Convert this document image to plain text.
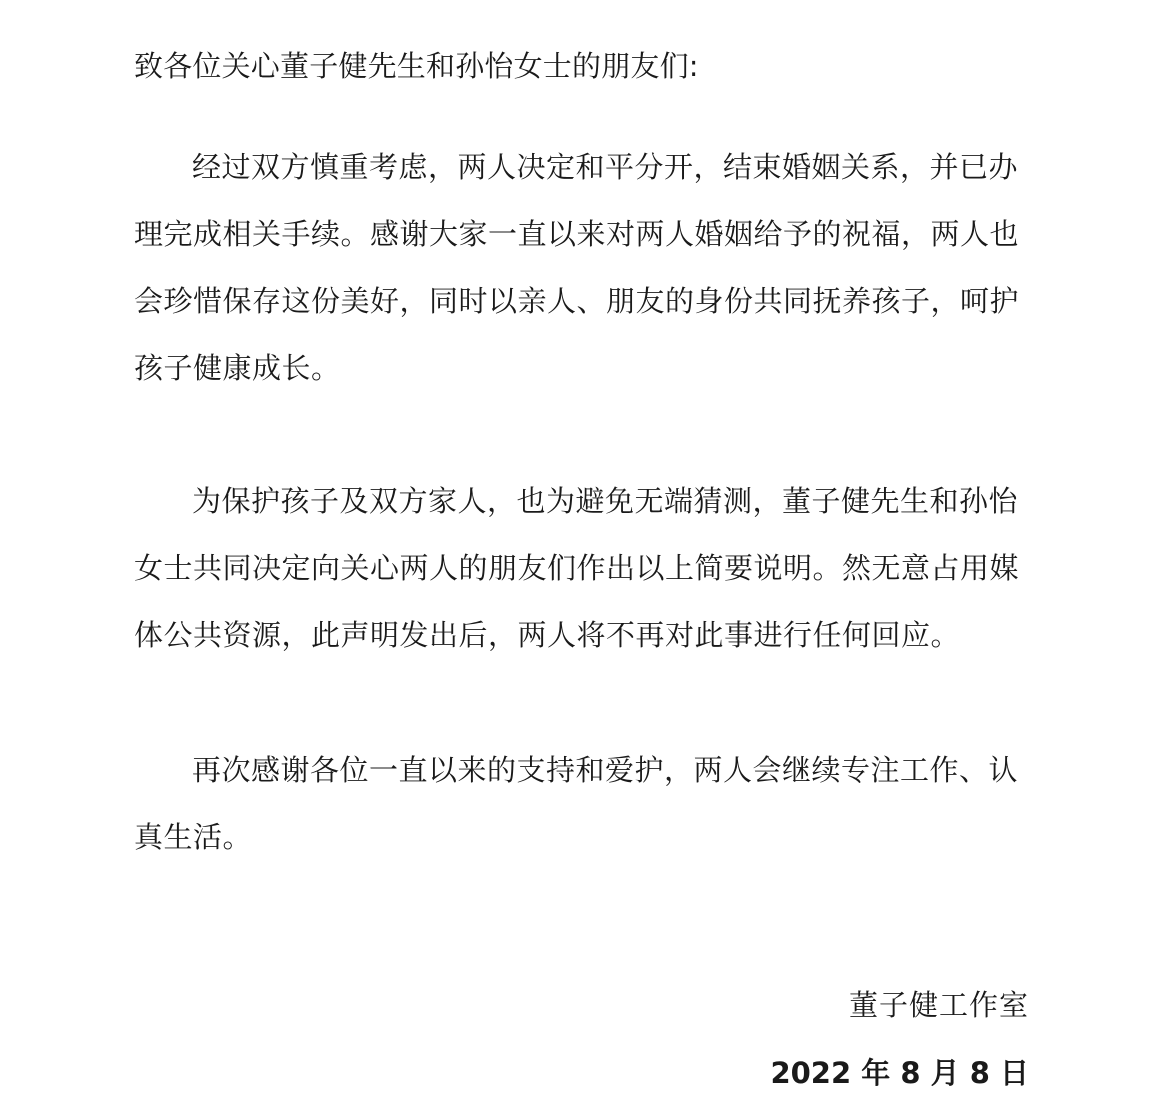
致各位关心董子健先生和孙怡女士的朋友们:
经过双方慎重考虑，两人决定和平分开，结束婚姻关系，并已办
理完成相关手续。感谢大家一直以来对两人婚姻给予的祝福，两人也
会珍惜保存这份美好，同时以亲人、朋友的身份共同抚养孩子，呵护
孩子健康成长。
为保护孩子及双方家人，也为避免无端猜测，董子健先生和孙怡
女士共同决定向关心两人的朋友们作出以上简要说明。然无意占用媒
体公共资源，此声明发出后，两人将不再对此事进行任何回应。
再次感谢各位一直以来的支持和爱护，两人会继续专注工作、认
真生活。
董子健工作室
2022 年 8 月 8 日
